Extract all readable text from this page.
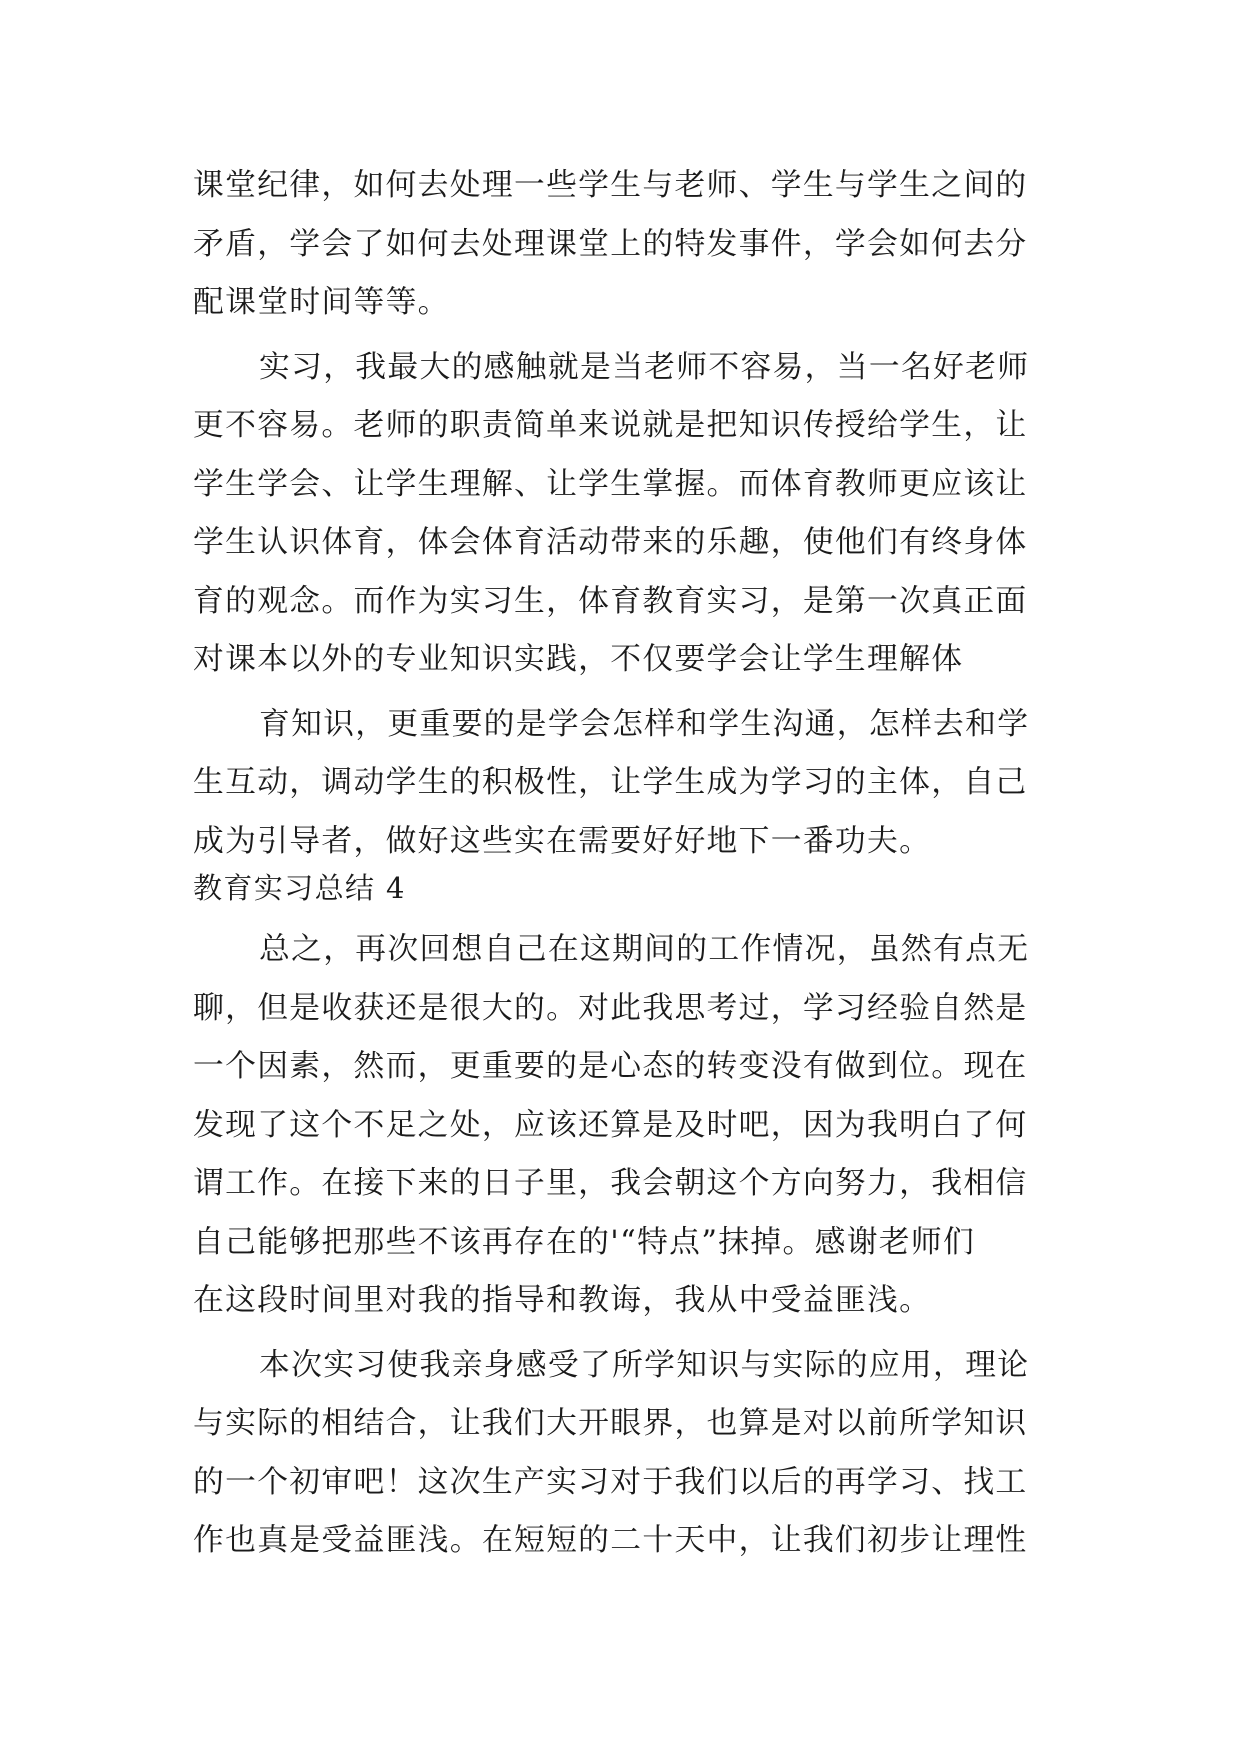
课堂纪律，如何去处理一些学生与老师、学生与学生之间的
矛盾，学会了如何去处理课堂上的特发事件，学会如何去分
配课堂时间等等。
实习，我最大的感触就是当老师不容易，当一名好老师
更不容易。老师的职责简单来说就是把知识传授给学生，让
学生学会、让学生理解、让学生掌握。而体育教师更应该让
学生认识体育，体会体育活动带来的乐趣，使他们有终身体
育的观念。而作为实习生，体育教育实习，是第一次真正面
对课本以外的专业知识实践，不仅要学会让学生理解体
育知识，更重要的是学会怎样和学生沟通，怎样去和学
生互动，调动学生的积极性，让学生成为学习的主体，自己
成为引导者，做好这些实在需要好好地下一番功夫。
教育实习总结 4
总之，再次回想自己在这期间的工作情况，虽然有点无
聊，但是收获还是很大的。对此我思考过，学习经验自然是
一个因素，然而，更重要的是心态的转变没有做到位。现在
发现了这个不足之处，应该还算是及时吧，因为我明白了何
谓工作。在接下来的日子里，我会朝这个方向努力，我相信
自己能够把那些不该再存在的'“特点”抹掉。感谢老师们
在这段时间里对我的指导和教诲，我从中受益匪浅。
本次实习使我亲身感受了所学知识与实际的应用，理论
与实际的相结合，让我们大开眼界，也算是对以前所学知识
的一个初审吧！这次生产实习对于我们以后的再学习、找工
作也真是受益匪浅。在短短的二十天中，让我们初步让理性
